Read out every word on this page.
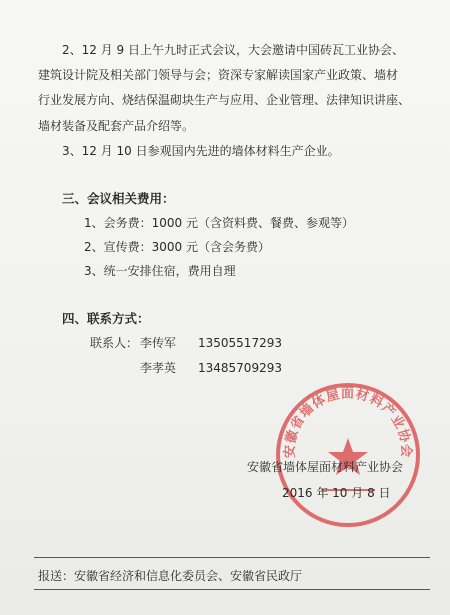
2、12 月 9 日上午九时正式会议，大会邀请中国砖瓦工业协会、
建筑设计院及相关部门领导与会；资深专家解读国家产业政策、墙材
行业发展方向、烧结保温砌块生产与应用、企业管理、法律知识讲座、
墙材装备及配套产品介绍等。
3、12 月 10 日参观国内先进的墙体材料生产企业。
三、会议相关费用：
1、会务费：1000 元（含资料费、餐费、参观等）
2、宣传费：3000 元（含会务费）
3、统一安排住宿，费用自理
四、联系方式：
联系人： 李传军 13505517293
李孝英 13485709293
安徽省墙体屋面材料产业协会
安徽省墙体屋面材料产业协会
2016 年 10 月 8 日
报送：安徽省经济和信息化委员会、安徽省民政厅
